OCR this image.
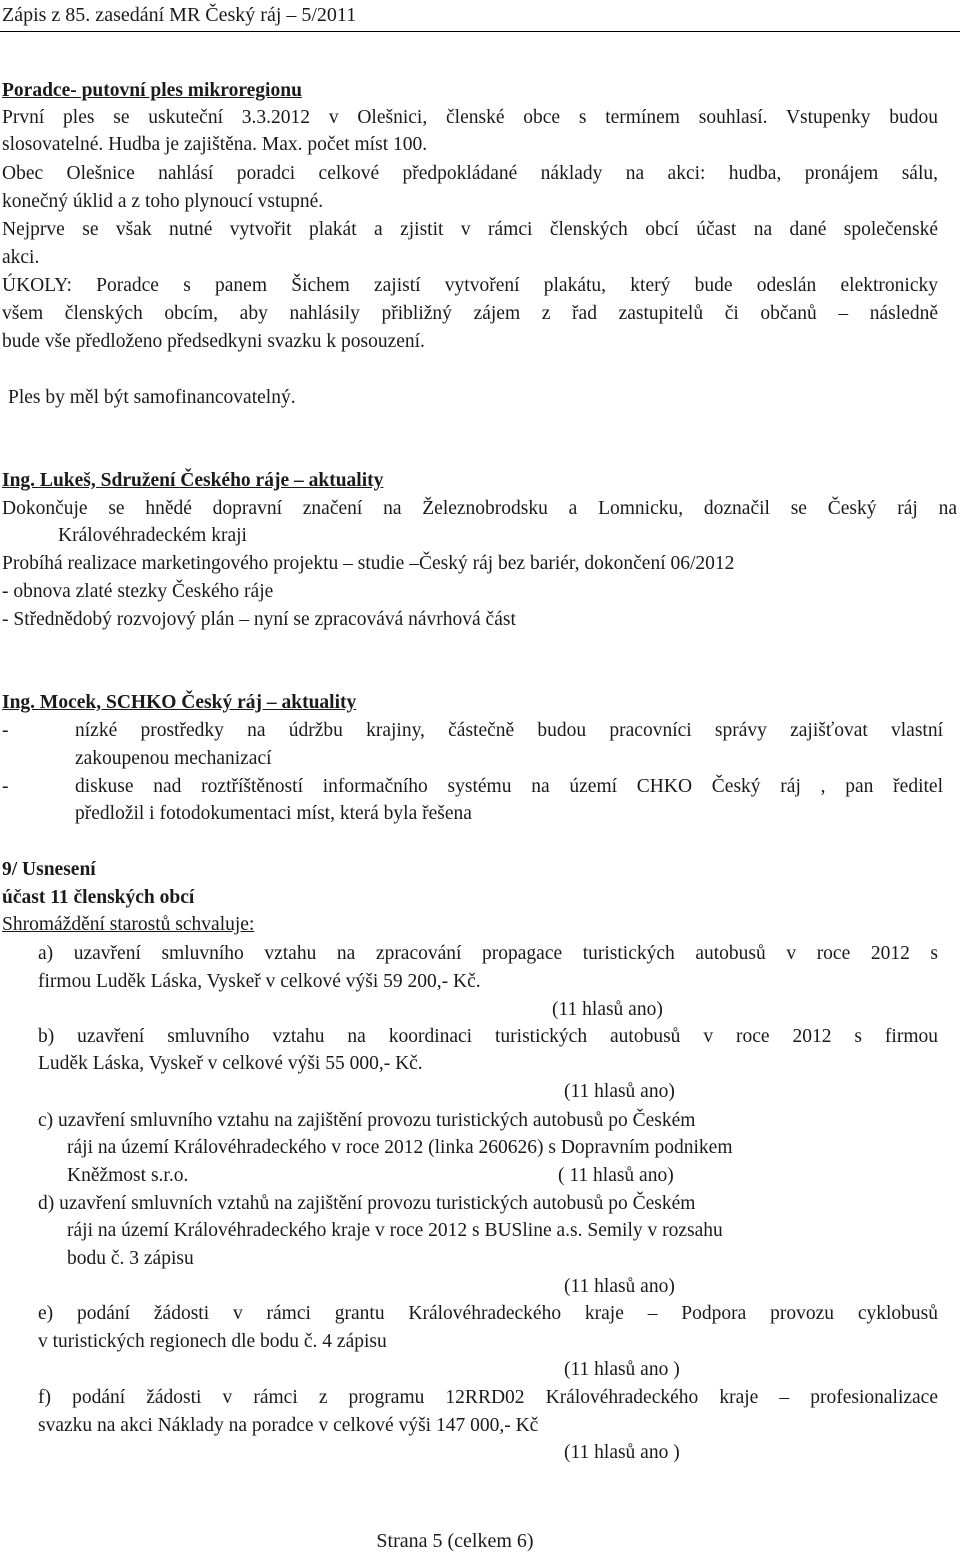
Zápis z 85. zasedání MR Český ráj – 5/2011
Poradce- putovní ples mikroregionu
První ples se uskuteční 3.3.2012 v Olešnici, členské obce s termínem souhlasí. Vstupenky budou
slosovatelné. Hudba je zajištěna. Max. počet míst 100.
Obec Olešnice nahlásí poradci celkové předpokládané náklady na akci: hudba, pronájem sálu,
konečný úklid a z toho plynoucí vstupné.
Nejprve se však nutné vytvořit plakát a zjistit v rámci členských obcí účast na dané společenské
akci.
ÚKOLY: Poradce s panem Šichem zajistí vytvoření plakátu, který bude odeslán elektronicky
všem členských obcím, aby nahlásily přibližný zájem z řad zastupitelů či občanů – následně
bude vše předloženo předsedkyni svazku k posouzení.
Ples by měl být samofinancovatelný.
Ing. Lukeš, Sdružení Českého ráje – aktuality
Dokončuje se hnědé dopravní značení na Železnobrodsku a Lomnicku, doznačil se Český ráj na
Královéhradeckém kraji
Probíhá realizace marketingového projektu – studie –Český ráj bez bariér, dokončení 06/2012
- obnova zlaté stezky Českého ráje
- Střednědobý rozvojový plán – nyní se zpracovává návrhová část
Ing. Mocek, SCHKO Český ráj – aktuality
-	nízké prostředky na údržbu krajiny, částečně budou pracovníci správy zajišťovat vlastní
zakoupenou mechanizací
-	diskuse nad roztříštěností informačního systému na území CHKO Český ráj , pan ředitel
předložil i fotodokumentaci míst, která byla řešena
9/ Usnesení
účast 11 členských obcí
Shromáždění starostů schvaluje:
a) uzavření smluvního vztahu na zpracování propagace turistických autobusů v roce 2012 s
firmou Luděk Láska, Vyskeř v celkové výši 59 200,- Kč.
(11 hlasů ano)
b) uzavření smluvního vztahu na koordinaci turistických autobusů v roce 2012 s firmou
Luděk Láska, Vyskeř v celkové výši 55 000,- Kč.
(11 hlasů ano)
c) uzavření smluvního vztahu na zajištění provozu turistických autobusů po Českém
ráji na území Královéhradeckého v roce 2012 (linka 260626) s Dopravním podnikem
Kněžmost s.r.o.	( 11 hlasů ano)
d) uzavření smluvních vztahů na zajištění provozu turistických autobusů po Českém
ráji na území Královéhradeckého kraje v roce 2012 s BUSline a.s. Semily v rozsahu
bodu č. 3 zápisu
(11 hlasů ano)
e) podání žádosti v rámci grantu Královéhradeckého kraje – Podpora provozu cyklobusů
v turistických regionech dle bodu č. 4 zápisu
(11 hlasů ano )
f) podání žádosti v rámci z programu 12RRD02 Královéhradeckého kraje – profesionalizace
svazku na akci Náklady na poradce v celkové výši 147 000,- Kč
(11 hlasů ano )
Strana 5 (celkem 6)
